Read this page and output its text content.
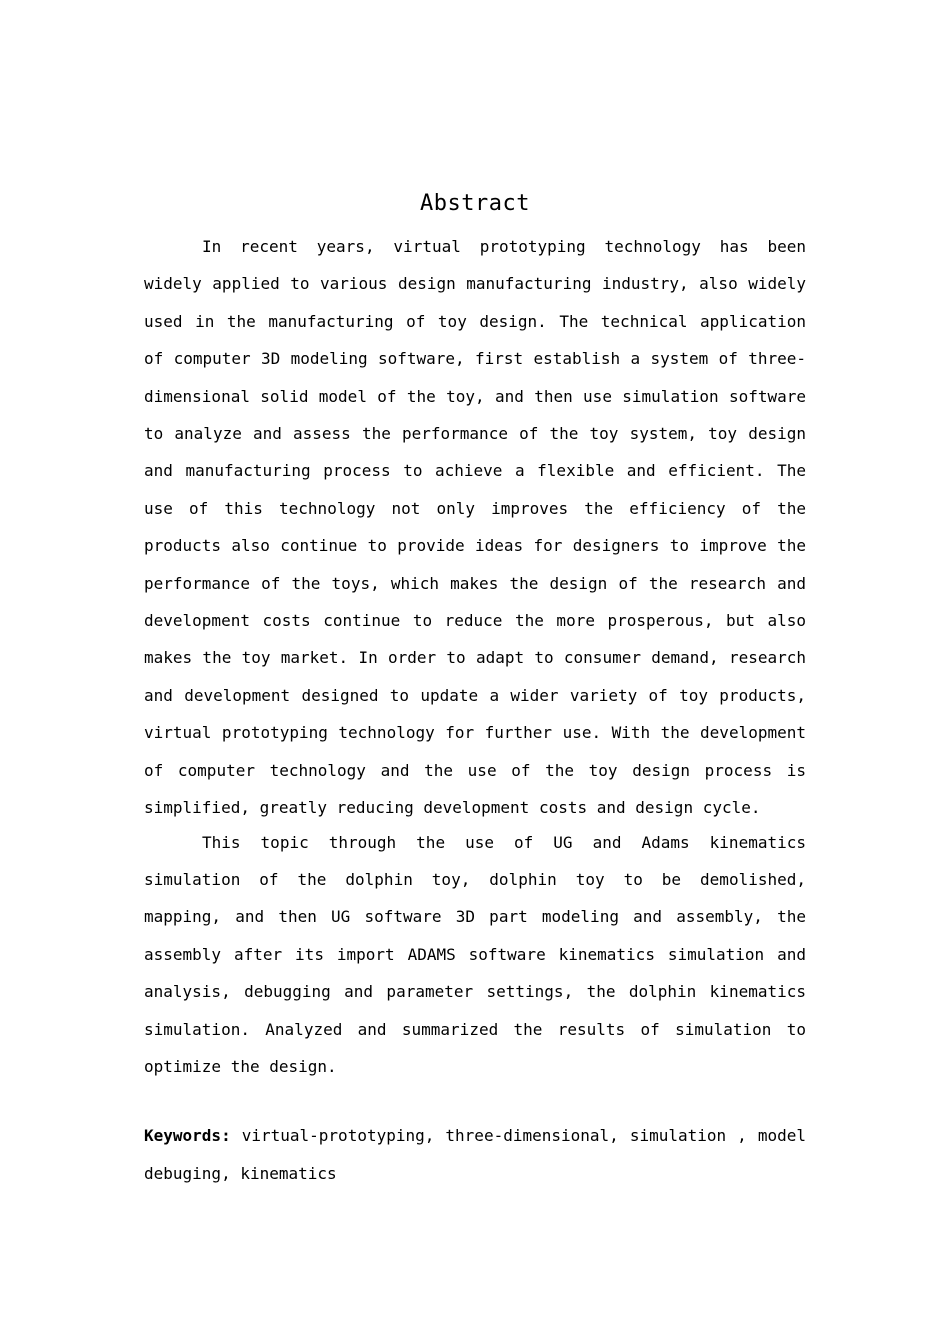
Abstract

In recent years, virtual prototyping technology has been widely applied to various design manufacturing industry, also widely used in the manufacturing of toy design. The technical application of computer 3D modeling software, first establish a system of three-dimensional solid model of the toy, and then use simulation software to analyze and assess the performance of the toy system, toy design and manufacturing process to achieve a flexible and efficient. The use of this technology not only improves the efficiency of the products also continue to provide ideas for designers to improve the performance of the toys, which makes the design of the research and development costs continue to reduce the more prosperous, but also makes the toy market. In order to adapt to consumer demand, research and development designed to update a wider variety of toy products, virtual prototyping technology for further use. With the development of computer technology and the use of the toy design process is simplified, greatly reducing development costs and design cycle.

This topic through the use of UG and Adams kinematics simulation of the dolphin toy, dolphin toy to be demolished, mapping, and then UG software 3D part modeling and assembly, the assembly after its import ADAMS software kinematics simulation and analysis, debugging and parameter settings, the dolphin kinematics simulation. Analyzed and summarized the results of simulation to optimize the design.

Keywords: virtual-prototyping, three-dimensional, simulation , model debuging, kinematics
